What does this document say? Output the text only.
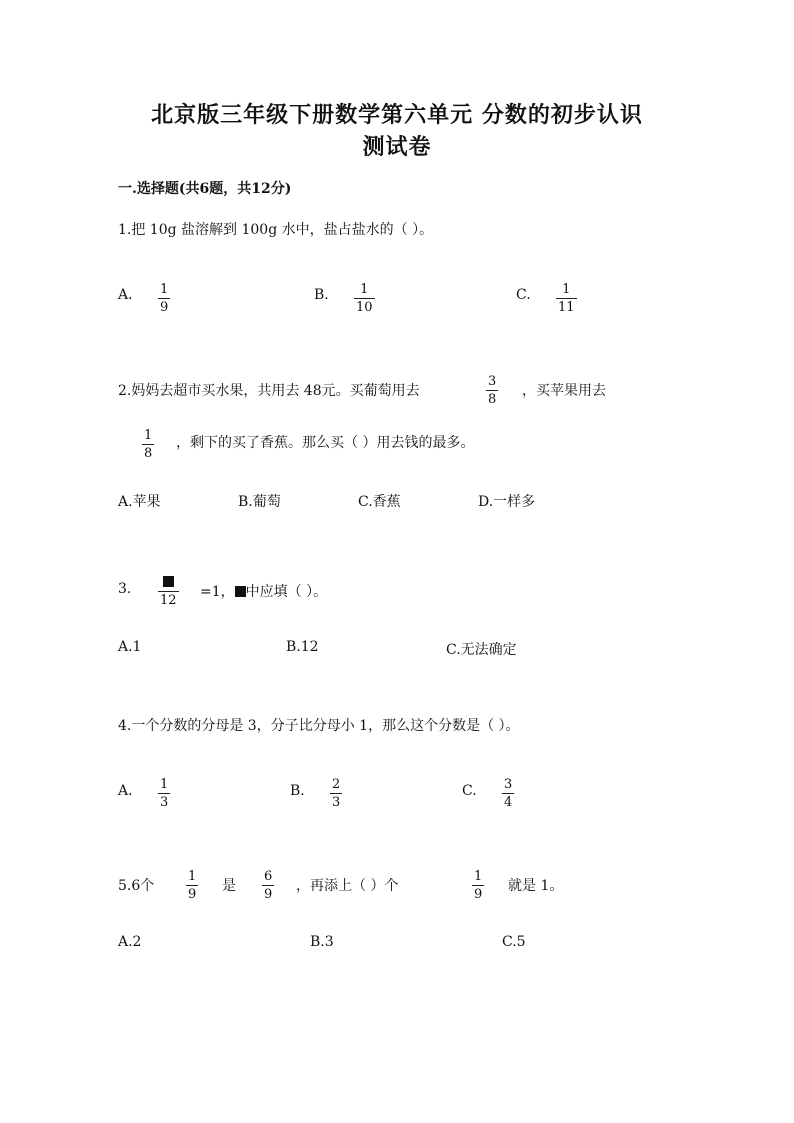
北京版三年级下册数学第六单元 分数的初步认识
测试卷
一.选择题(共6题，共12分)
1.把 10g 盐溶解到 100g 水中，盐占盐水的（ ）。
A. 1
9
B. 1
10
C. 1
11
2.妈妈去超市买水果，共用去 48元。买葡萄用去
3
8
，买苹果用去
1
8
，剩下的买了香蕉。那么买（ ）用去钱的最多。
A.苹果	B.葡萄	C.香蕉	D.一样多
3.
12
=1， 中应填（ ）。
A.1	B.12	C.无法确定
4.一个分数的分母是 3，分子比分母小 1，那么这个分数是（ ）。
A. 1
3
B. 2
3
C. 3
4
5.6个
1
9
是
6
9
，再添上（ ）个
1
9
就是 1。
A.2	B.3	C.5
